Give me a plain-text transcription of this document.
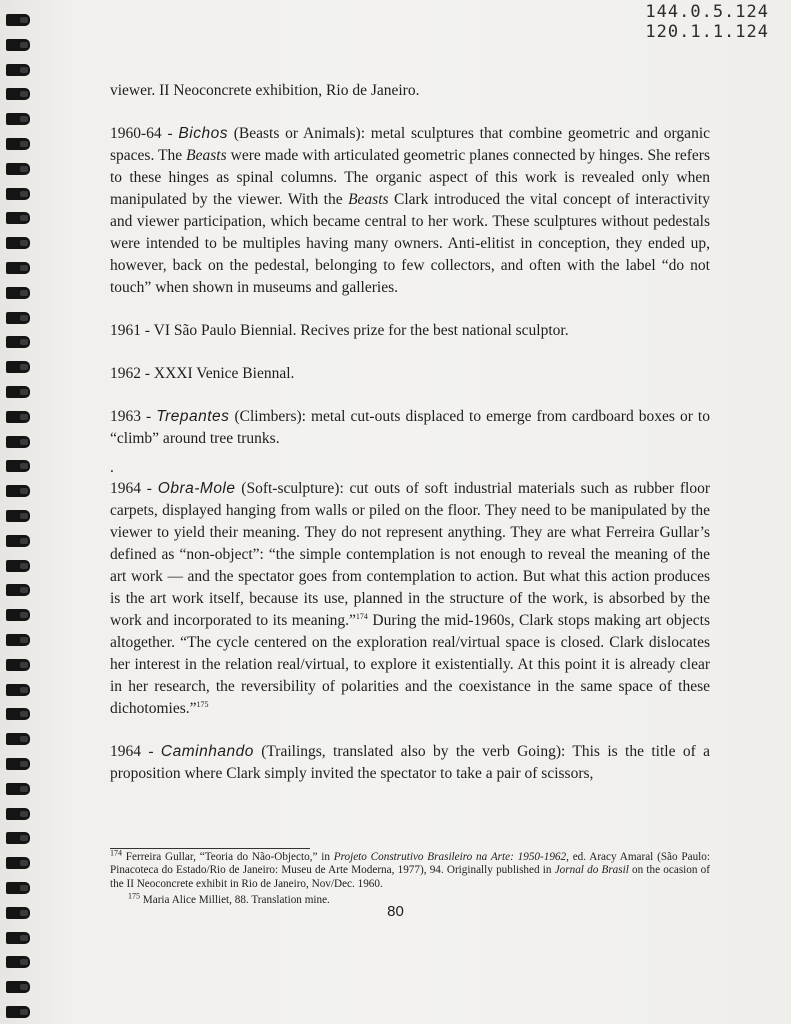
144.0.5.124
120.1.1.124

viewer. II Neoconcrete exhibition, Rio de Janeiro.

1960-64 - Bichos (Beasts or Animals): metal sculptures that combine geometric and organic spaces. The Beasts were made with articulated geometric planes connected by hinges. She refers to these hinges as spinal columns. The organic aspect of this work is revealed only when manipulated by the viewer. With the Beasts Clark introduced the vital concept of interactivity and viewer participation, which became central to her work. These sculptures without pedestals were intended to be multiples having many owners. Anti-elitist in conception, they ended up, however, back on the pedestal, belonging to few collectors, and often with the label “do not touch” when shown in museums and galleries.

1961 - VI São Paulo Biennial. Recives prize for the best national sculptor.

1962 - XXXI Venice Biennal.

1963 - Trepantes (Climbers): metal cut-outs displaced to emerge from cardboard boxes or to “climb” around tree trunks.

.

1964 - Obra-Mole (Soft-sculpture): cut outs of soft industrial materials such as rubber floor carpets, displayed hanging from walls or piled on the floor. They need to be manipulated by the viewer to yield their meaning. They do not represent anything. They are what Ferreira Gullar’s defined as “non-object”: “the simple contemplation is not enough to reveal the meaning of the art work — and the spectator goes from contemplation to action. But what this action produces is the art work itself, because its use, planned in the structure of the work, is absorbed by the work and incorporated to its meaning.”$^{174}$ During the mid-1960s, Clark stops making art objects altogether. “The cycle centered on the exploration real/virtual space is closed. Clark dislocates her interest in the relation real/virtual, to explore it existentially. At this point it is already clear in her research, the reversibility of polarities and the coexistance in the same space of these dichotomies.”$^{175}$

1964 - Caminhando (Trailings, translated also by the verb Going): This is the title of a proposition where Clark simply invited the spectator to take a pair of scissors,

$^{174}$ Ferreira Gullar, “Teoria do Não-Objecto,” in Projeto Construtivo Brasileiro na Arte: 1950-1962, ed. Aracy Amaral (São Paulo: Pinacoteca do Estado/Rio de Janeiro: Museu de Arte Moderna, 1977), 94. Originally published in Jornal do Brasil on the ocasion of the II Neoconcrete exhibit in Rio de Janeiro, Nov/Dec. 1960.

$^{175}$ Maria Alice Milliet, 88. Translation mine.

80
